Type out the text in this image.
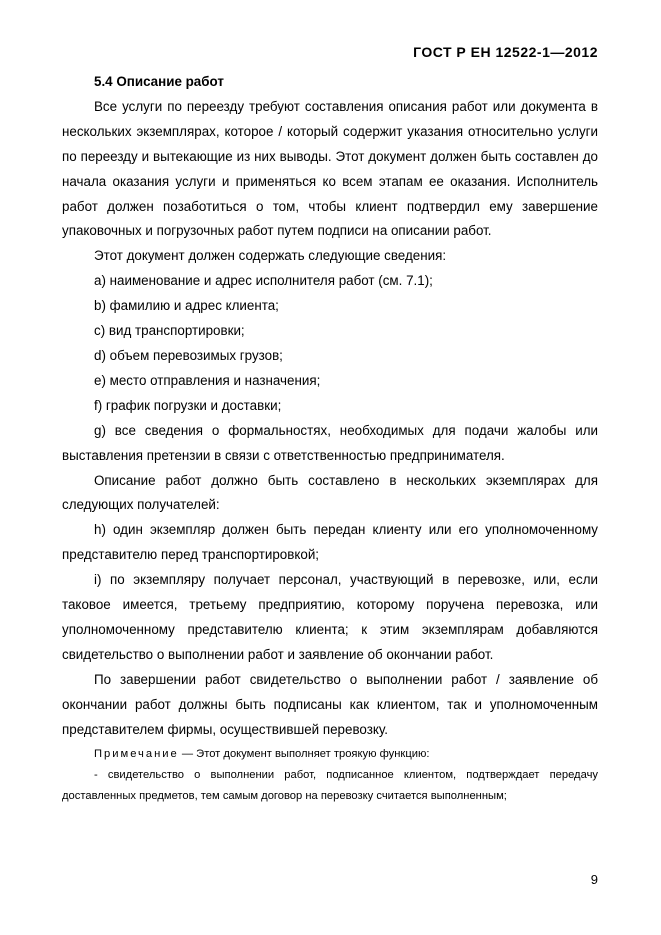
ГОСТ Р ЕН 12522-1—2012

5.4 Описание работ

Все услуги по переезду требуют составления описания работ или документа в нескольких экземплярах, которое / который содержит указания относительно услуги по переезду и вытекающие из них выводы. Этот документ должен быть составлен до начала оказания услуги и применяться ко всем этапам ее оказания. Исполнитель работ должен позаботиться о том, чтобы клиент подтвердил ему завершение упаковочных и погрузочных работ путем подписи на описании работ.

Этот документ должен содержать следующие сведения:

a) наименование и адрес исполнителя работ (см. 7.1);

b) фамилию и адрес клиента;

c) вид транспортировки;

d) объем перевозимых грузов;

e) место отправления и назначения;

f) график погрузки и доставки;

g) все сведения о формальностях, необходимых для подачи жалобы или выставления претензии в связи с ответственностью предпринимателя.

Описание работ должно быть составлено в нескольких экземплярах для следующих получателей:

h) один экземпляр должен быть передан клиенту или его уполномоченному представителю перед транспортировкой;

i) по экземпляру получает персонал, участвующий в перевозке, или, если таковое имеется, третьему предприятию, которому поручена перевозка, или уполномоченному представителю клиента; к этим экземплярам добавляются свидетельство о выполнении работ и заявление об окончании работ.

По завершении работ свидетельство о выполнении работ / заявление об окончании работ должны быть подписаны как клиентом, так и уполномоченным представителем фирмы, осуществившей перевозку.

Примечание — Этот документ выполняет троякую функцию:

- свидетельство о выполнении работ, подписанное клиентом, подтверждает передачу доставленных предметов, тем самым договор на перевозку считается выполненным;

9
